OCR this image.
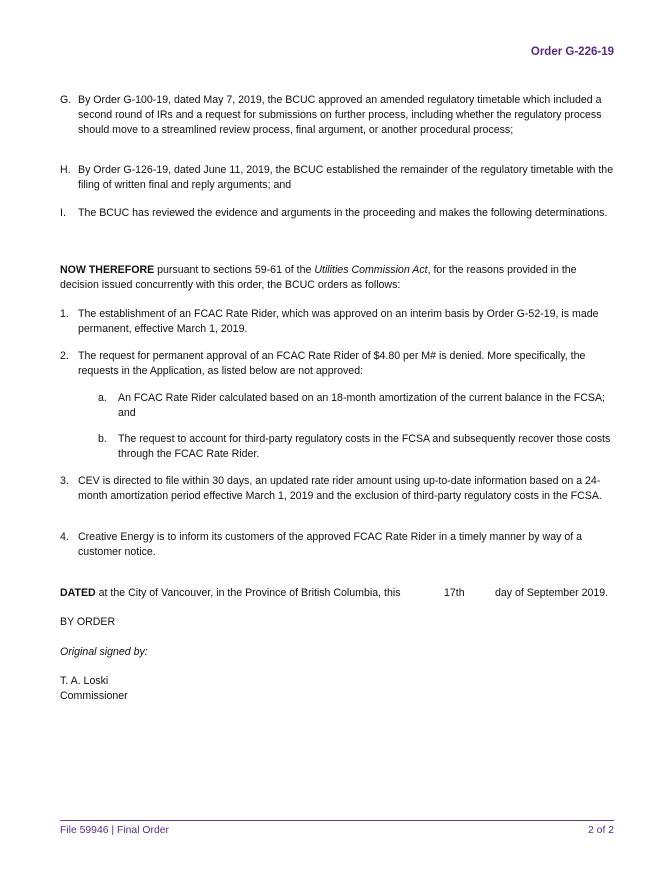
Order G-226-19
G. By Order G-100-19, dated May 7, 2019, the BCUC approved an amended regulatory timetable which included a second round of IRs and a request for submissions on further process, including whether the regulatory process should move to a streamlined review process, final argument, or another procedural process;
H. By Order G-126-19, dated June 11, 2019, the BCUC established the remainder of the regulatory timetable with the filing of written final and reply arguments; and
I. The BCUC has reviewed the evidence and arguments in the proceeding and makes the following determinations.
NOW THEREFORE pursuant to sections 59-61 of the Utilities Commission Act, for the reasons provided in the decision issued concurrently with this order, the BCUC orders as follows:
1. The establishment of an FCAC Rate Rider, which was approved on an interim basis by Order G-52-19, is made permanent, effective March 1, 2019.
2. The request for permanent approval of an FCAC Rate Rider of $4.80 per M# is denied. More specifically, the requests in the Application, as listed below are not approved:
a. An FCAC Rate Rider calculated based on an 18-month amortization of the current balance in the FCSA; and
b. The request to account for third-party regulatory costs in the FCSA and subsequently recover those costs through the FCAC Rate Rider.
3. CEV is directed to file within 30 days, an updated rate rider amount using up-to-date information based on a 24-month amortization period effective March 1, 2019 and the exclusion of third-party regulatory costs in the FCSA.
4. Creative Energy is to inform its customers of the approved FCAC Rate Rider in a timely manner by way of a customer notice.
DATED at the City of Vancouver, in the Province of British Columbia, this	17th	day of September 2019.
BY ORDER
Original signed by:
T. A. Loski
Commissioner
File 59946 | Final Order	2 of 2
